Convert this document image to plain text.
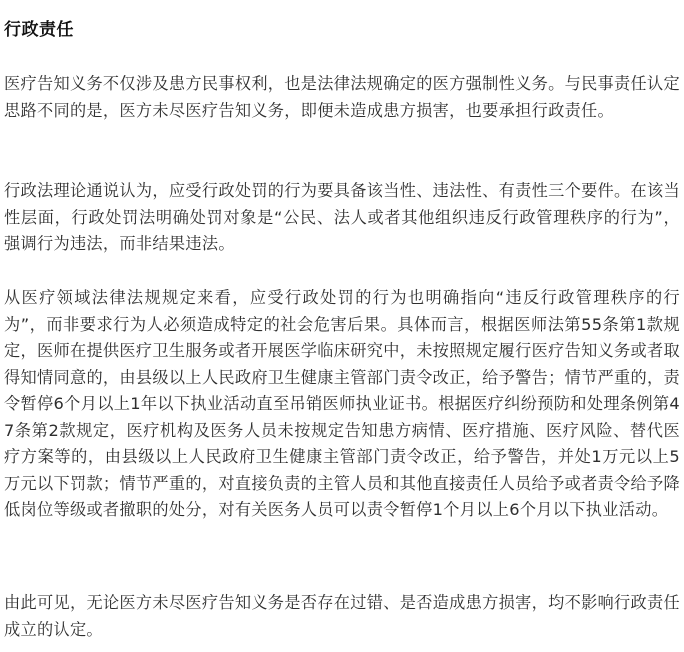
行政责任

医疗告知义务不仅涉及患方民事权利，也是法律法规确定的医方强制性义务。与民事责任认定思路不同的是，医方未尽医疗告知义务，即便未造成患方损害，也要承担行政责任。

行政法理论通说认为，应受行政处罚的行为要具备该当性、违法性、有责性三个要件。在该当性层面，行政处罚法明确处罚对象是“公民、法人或者其他组织违反行政管理秩序的行为”，强调行为违法，而非结果违法。

从医疗领域法律法规规定来看，应受行政处罚的行为也明确指向“违反行政管理秩序的行为”，而非要求行为人必须造成特定的社会危害后果。具体而言，根据医师法第55条第1款规定，医师在提供医疗卫生服务或者开展医学临床研究中，未按照规定履行医疗告知义务或者取得知情同意的，由县级以上人民政府卫生健康主管部门责令改正，给予警告；情节严重的，责令暂停6个月以上1年以下执业活动直至吊销医师执业证书。根据医疗纠纷预防和处理条例第47条第2款规定，医疗机构及医务人员未按规定告知患方病情、医疗措施、医疗风险、替代医疗方案等的，由县级以上人民政府卫生健康主管部门责令改正，给予警告，并处1万元以上5万元以下罚款；情节严重的，对直接负责的主管人员和其他直接责任人员给予或者责令给予降低岗位等级或者撤职的处分，对有关医务人员可以责令暂停1个月以上6个月以下执业活动。

由此可见，无论医方未尽医疗告知义务是否存在过错、是否造成患方损害，均不影响行政责任成立的认定。
